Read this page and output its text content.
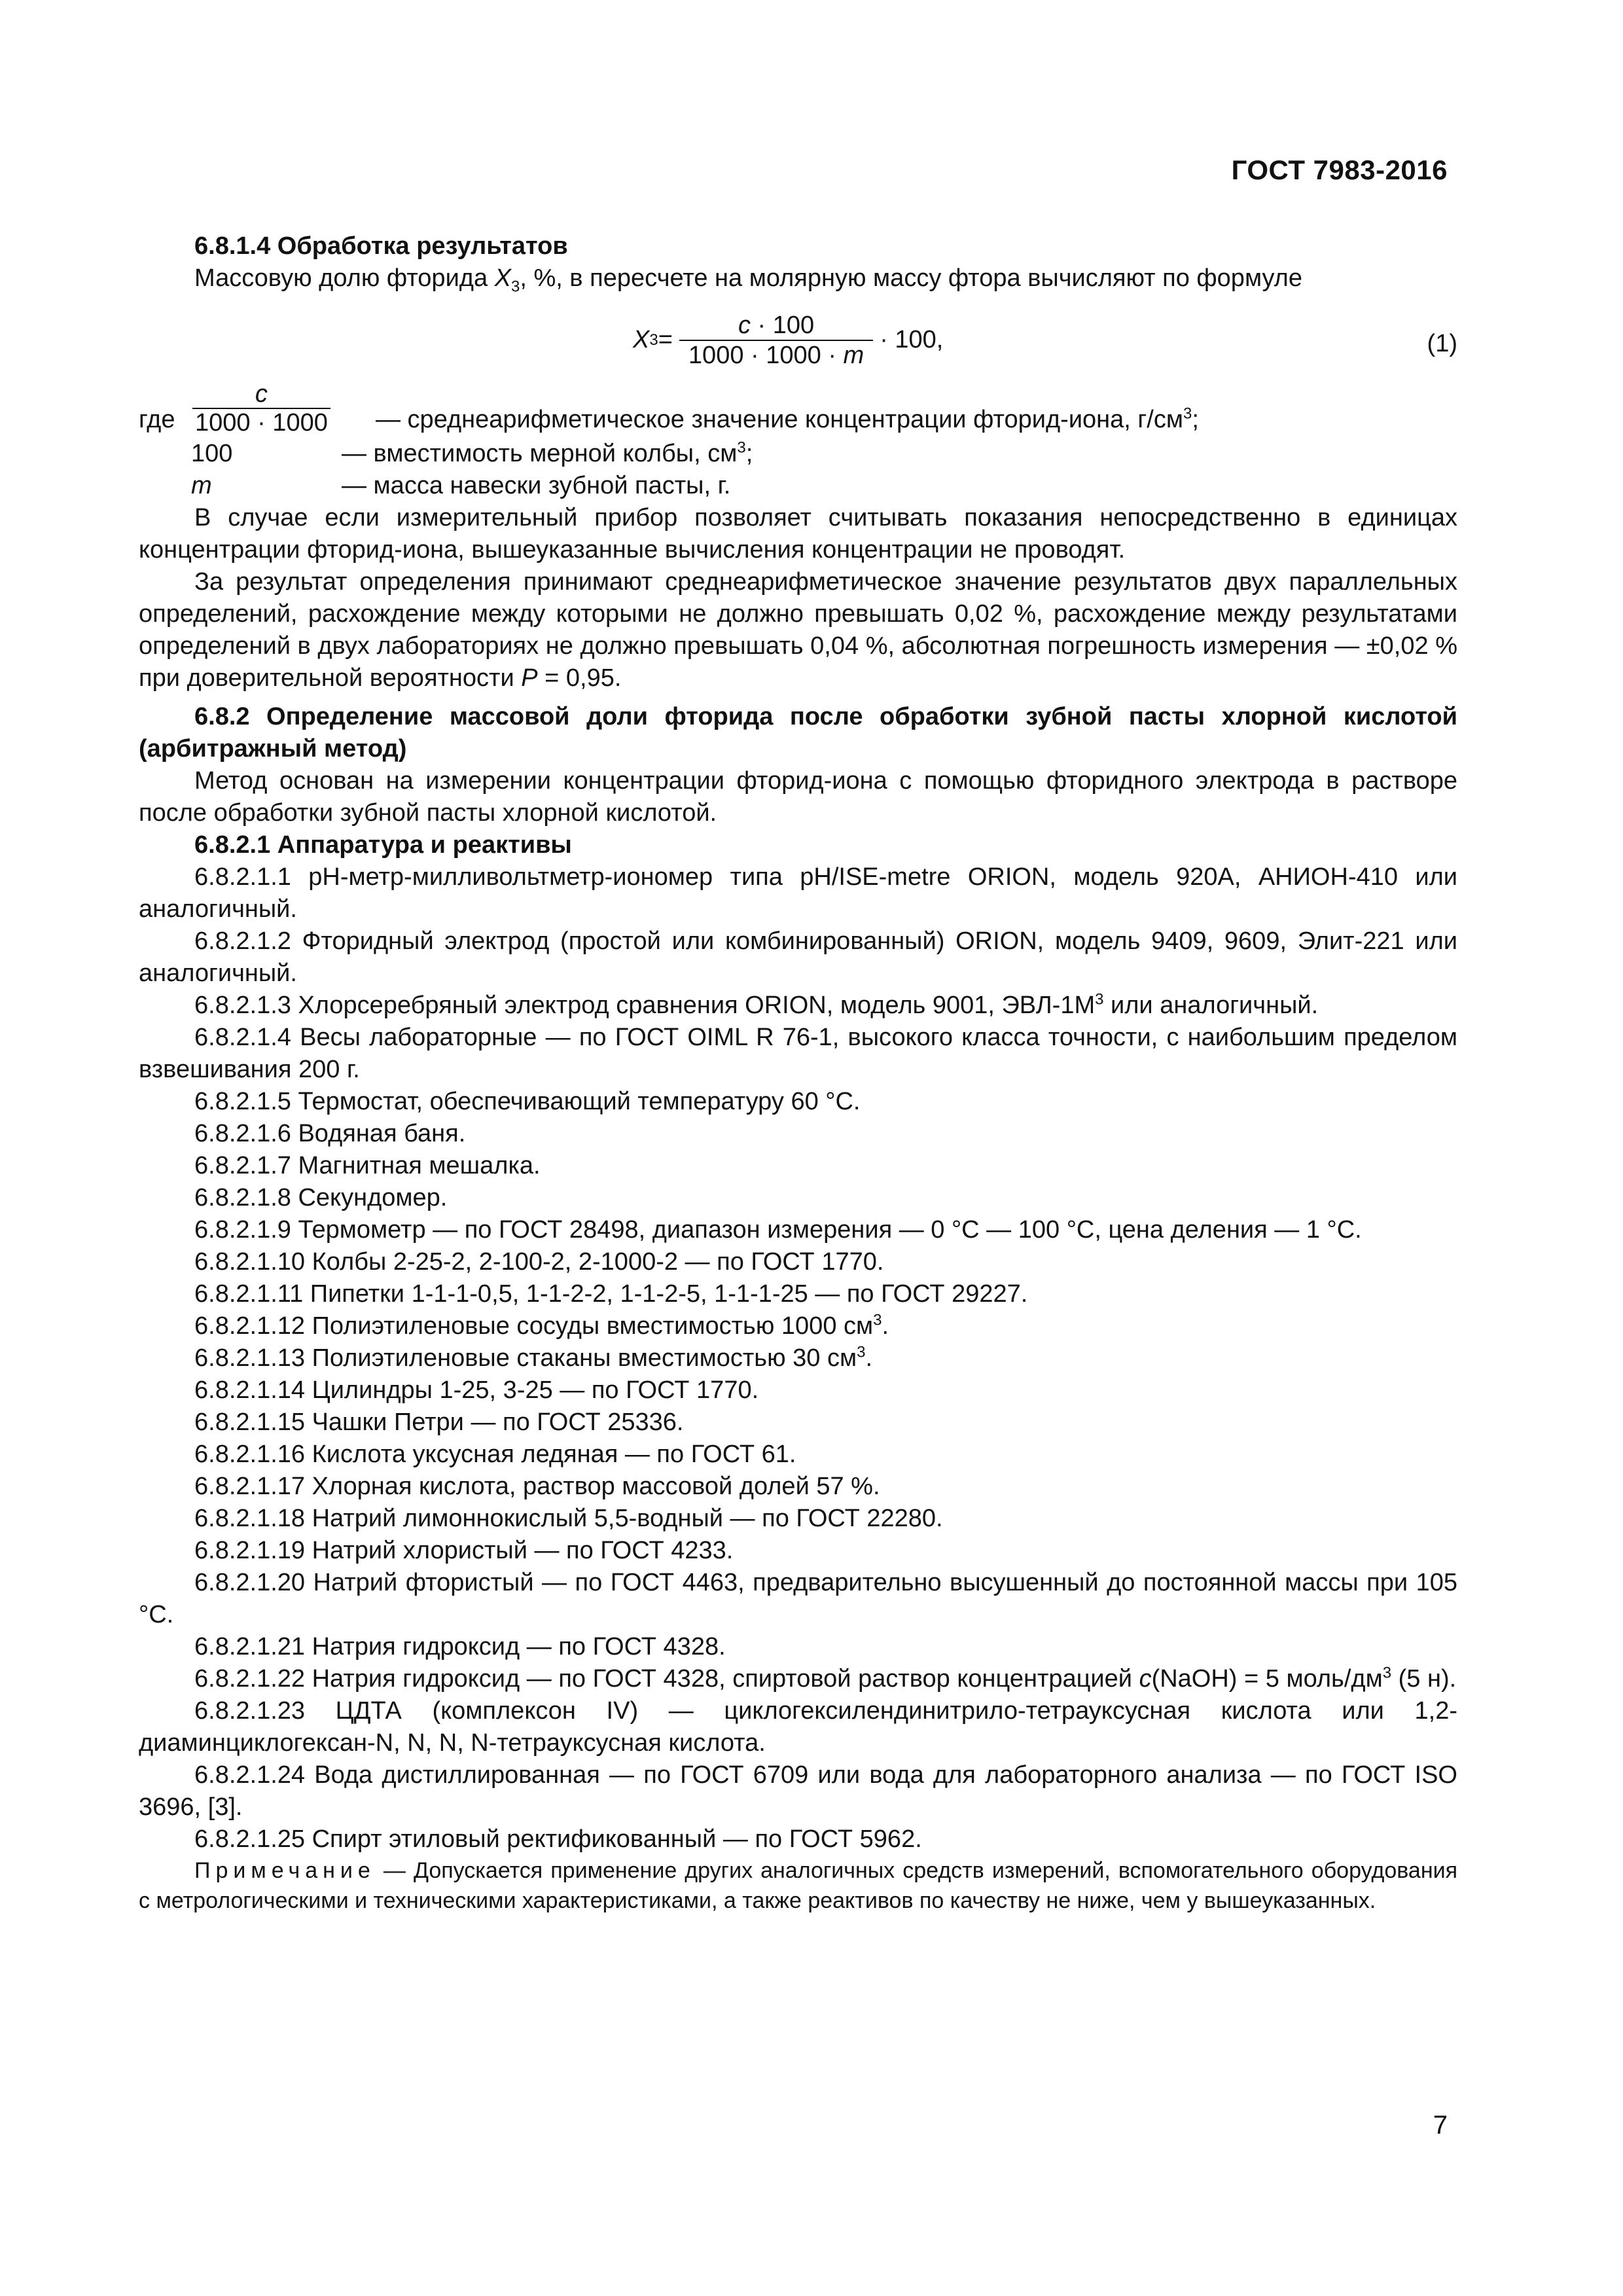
ГОСТ 7983-2016

6.8.1.4 Обработка результатов

Массовую долю фторида $X_3$, %, в пересчете на молярную массу фтора вычисляют по формуле

X $3 = \frac{c \cdot 100}{1000 \cdot 1000 \cdot m} \cdot 100$,	(1)
где $\frac{c}{1000 \cdot 1000}$ — среднеарифметическое значение концентрации фторид-иона, $г/см^3$;
100	— вместимость мерной колбы, $см^3$;
m	— масса навески зубной пасты, г.

В случае если измерительный прибор позволяет считывать показания непосредственно в единицах концентрации фторид-иона, вышеуказанные вычисления концентрации не проводят.

За результат определения принимают среднеарифметическое значение результатов двух параллельных определений, расхождение между которыми не должно превышать 0,02 %, расхождение между результатами определений в двух лабораториях не должно превышать 0,04 %, абсолютная погрешность измерения — ±0,02 % при доверительной вероятности P = 0,95.

6.8.2 Определение массовой доли фторида после обработки зубной пасты хлорной кислотой (арбитражный метод)

Метод основан на измерении концентрации фторид-иона с помощью фторидного электрода в растворе после обработки зубной пасты хлорной кислотой.

6.8.2.1 Аппаратура и реактивы

6.8.2.1.1 pH-метр-милливольтметр-иономер типа pH/ISE-metre ORION, модель 920А, АНИОН-410 или аналогичный.

6.8.2.1.2 Фторидный электрод (простой или комбинированный) ORION, модель 9409, 9609, Элит-221 или аналогичный.

6.8.2.1.3 Хлорсеребряный электрод сравнения ORION, модель 9001, ЭВЛ-$1М^3$ или аналогичный.

6.8.2.1.4 Весы лабораторные — по ГОСТ OIML R 76-1, высокого класса точности, с наибольшим пределом взвешивания 200 г.

6.8.2.1.5 Термостат, обеспечивающий температуру 60 °С.

6.8.2.1.6 Водяная баня.

6.8.2.1.7 Магнитная мешалка.

6.8.2.1.8 Секундомер.

6.8.2.1.9 Термометр — по ГОСТ 28498, диапазон измерения — 0 °С — 100 °С, цена деления — 1 °С.

6.8.2.1.10 Колбы 2-25-2, 2-100-2, 2-1000-2 — по ГОСТ 1770.

6.8.2.1.11 Пипетки 1-1-1-0,5, 1-1-2-2, 1-1-2-5, 1-1-1-25 — по ГОСТ 29227.

6.8.2.1.12 Полиэтиленовые сосуды вместимостью 1000 $см^3$.

6.8.2.1.13 Полиэтиленовые стаканы вместимостью 30 $см^3$.

6.8.2.1.14 Цилиндры 1-25, 3-25 — по ГОСТ 1770.

6.8.2.1.15 Чашки Петри — по ГОСТ 25336.

6.8.2.1.16 Кислота уксусная ледяная — по ГОСТ 61.

6.8.2.1.17 Хлорная кислота, раствор массовой долей 57 %.

6.8.2.1.18 Натрий лимоннокислый 5,5-водный — по ГОСТ 22280.

6.8.2.1.19 Натрий хлористый — по ГОСТ 4233.

6.8.2.1.20 Натрий фтористый — по ГОСТ 4463, предварительно высушенный до постоянной массы при 105 °С.

6.8.2.1.21 Натрия гидроксид — по ГОСТ 4328.

6.8.2.1.22 Натрия гидроксид — по ГОСТ 4328, спиртовой раствор концентрацией c(NaOH) = 5 моль/$дм^3$ (5 н).

6.8.2.1.23 ЦДТА (комплексон IV) — циклогексилендинитрило-тетрауксусная кислота или 1,2-диаминциклогексан-N, N, N, N-тетрауксусная кислота.

6.8.2.1.24 Вода дистиллированная — по ГОСТ 6709 или вода для лабораторного анализа — по ГОСТ ISO 3696, [3].

6.8.2.1.25 Спирт этиловый ректификованный — по ГОСТ 5962.

Примечание — Допускается применение других аналогичных средств измерений, вспомогательного оборудования с метрологическими и техническими характеристиками, а также реактивов по качеству не ниже, чем у вышеуказанных.

7
